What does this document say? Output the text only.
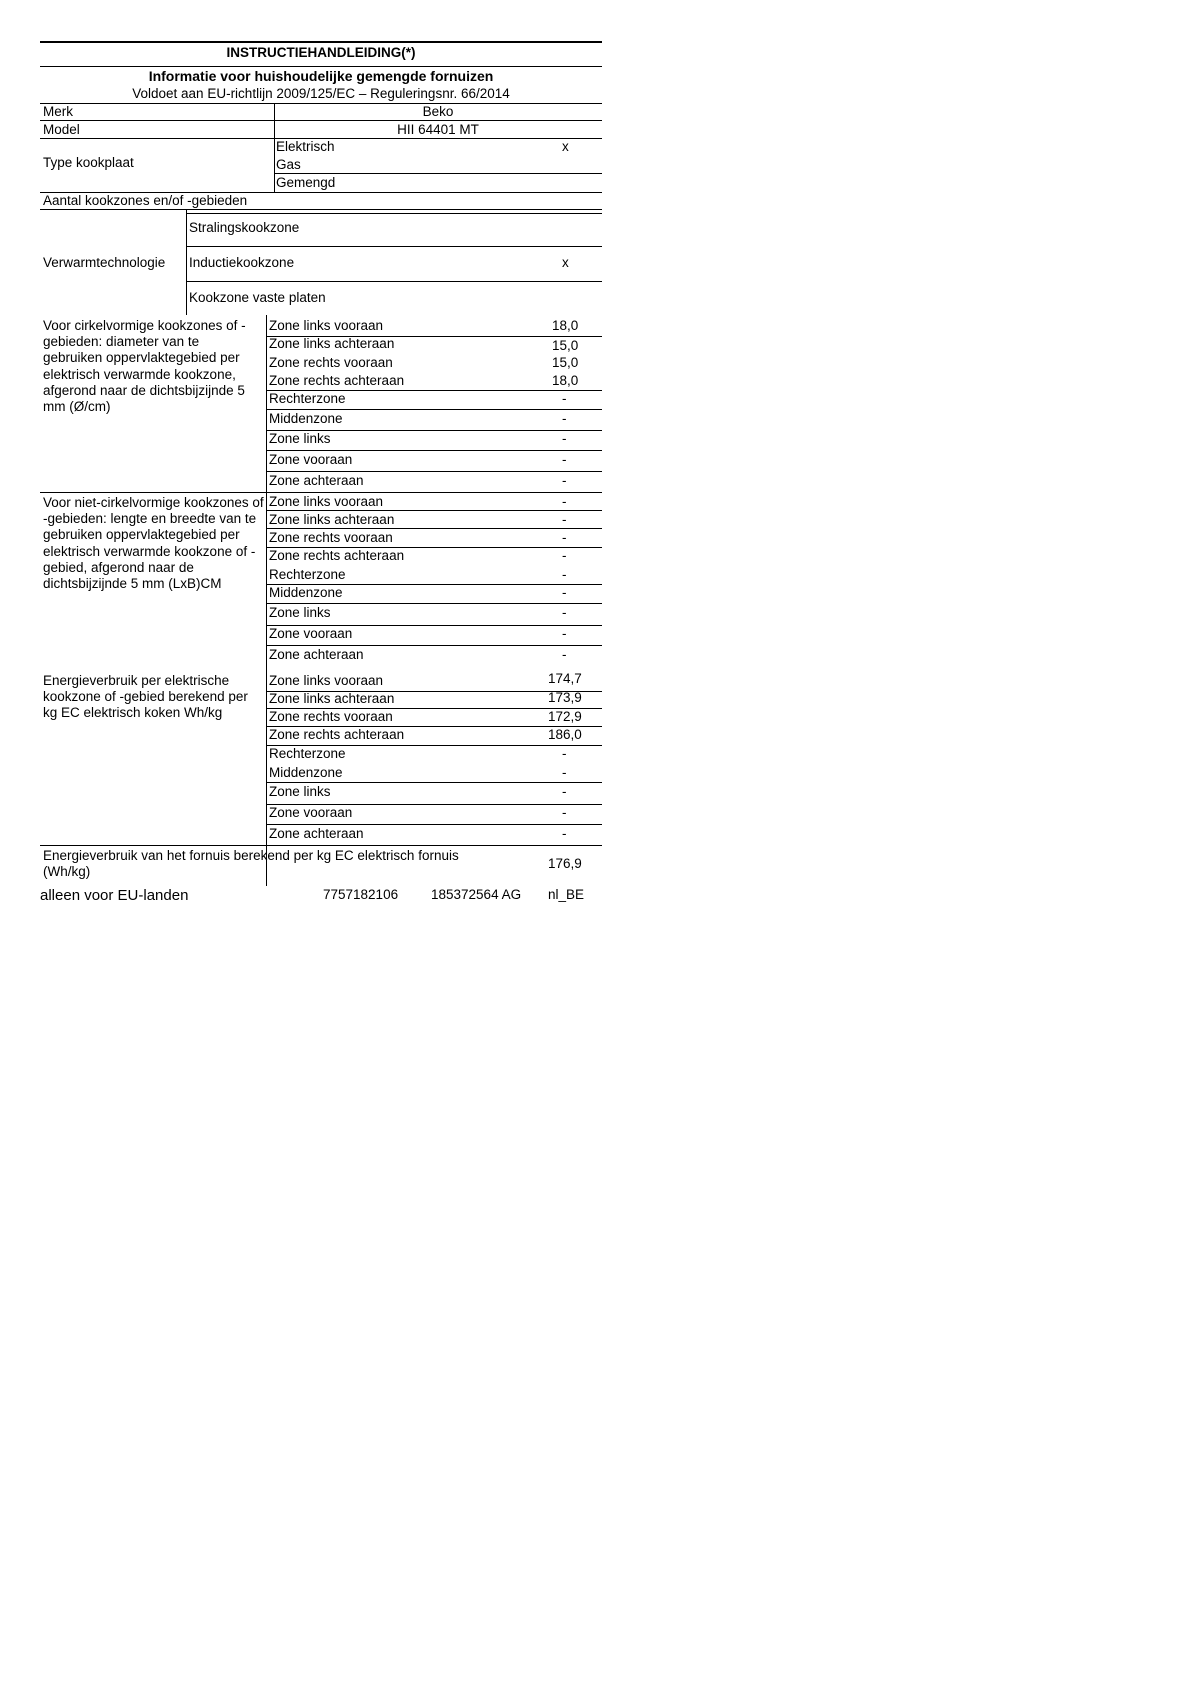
INSTRUCTIEHANDLEIDING(*)
Informatie voor huishoudelijke gemengde fornuizen
Voldoet aan EU-richtlijn 2009/125/EC – Reguleringsnr. 66/2014
Merk	Beko
Model	HII 64401 MT
Type kookplaat
Elektrisch	x
Gas
Gemengd
Aantal kookzones en/of -gebieden
Verwarmtechnologie
Stralingskookzone
Inductiekookzone	x
Kookzone vaste platen
Voor cirkelvormige kookzones of -gebieden: diameter van te gebruiken oppervlaktegebied per elektrisch verwarmde kookzone, afgerond naar de dichtsbijzijnde 5 mm (Ø/cm)
Zone links vooraan	18,0
Zone links achteraan	15,0
Zone rechts vooraan	15,0
Zone rechts achteraan	18,0
Rechterzone	-
Middenzone	-
Zone links	-
Zone vooraan	-
Zone achteraan	-
Voor niet-cirkelvormige kookzones of -gebieden: lengte en breedte van te gebruiken oppervlaktegebied per elektrisch verwarmde kookzone of -gebied, afgerond naar de dichtsbijzijnde 5 mm (LxB)CM
Zone links vooraan	-
Zone links achteraan	-
Zone rechts vooraan	-
Zone rechts achteraan	-
Rechterzone	-
Middenzone	-
Zone links	-
Zone vooraan	-
Zone achteraan	-
Energieverbruik per elektrische kookzone of -gebied berekend per kg EC elektrisch koken Wh/kg
Zone links vooraan	174,7
Zone links achteraan	173,9
Zone rechts vooraan	172,9
Zone rechts achteraan	186,0
Rechterzone	-
Middenzone	-
Zone links	-
Zone vooraan	-
Zone achteraan	-
Energieverbruik van het fornuis berekend per kg EC elektrisch fornuis (Wh/kg)
176,9
alleen voor EU-landen	7757182106 185372564 AG nl_BE
